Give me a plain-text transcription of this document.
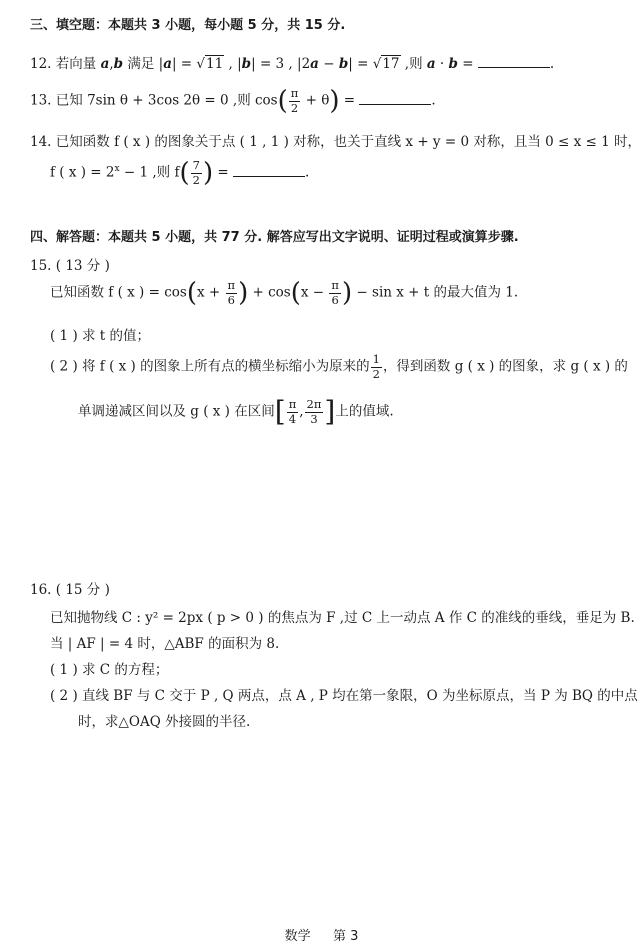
三、填空题：本题共 3 小题，每小题 5 分，共 15 分.
12. 若向量 a,b 满足 |a| = √11 , |b| = 3 , |2a − b| = √17 ,则 a · b =	.
13. 已知 7sin θ + 3cos 2θ = 0 ,则 $\cos( \frac{\pi}{2} + \theta)$ =	.
14. 已知函数 f ( x ) 的图象关于点 ( 1 , 1 ) 对称，也关于直线 x + y = 0 对称，且当 0 ≤ x ≤ 1 时，
f ( x ) = $2^x - 1$ ,则 $f( \frac{7}{2}$ ) =	.
四、解答题：本题共 5 小题，共 77 分. 解答应写出文字说明、证明过程或演算步骤.
15. ( 13 分 )
已知函数 f ( x ) = $\cos(x + \frac{\pi}{6}$ ) + $\cos(x - \frac{\pi}{6}$ ) − sin x + t 的最大值为 1.
( 1 ) 求 t 的值；
( 2 ) 将 f ( x ) 的图象上所有点的横坐标缩小为原来的 $\frac{1}{2}$ ，得到函数 g ( x ) 的图象，求 g ( x ) 的
单调递减区间以及 g ( x ) 在区间[ $\frac{\pi}{4}$ , $\frac{2\pi}{3}$ ]上的值域.
16. ( 15 分 )
已知抛物线 C : y² = 2px ( p > 0 ) 的焦点为 F ,过 C 上一动点 A 作 C 的准线的垂线，垂足为 B.
当 | AF | = 4 时，△ABF 的面积为 8.
( 1 ) 求 C 的方程；
( 2 ) 直线 BF 与 C 交于 P , Q 两点，点 A , P 均在第一象限，O 为坐标原点，当 P 为 BQ 的中点
时，求△OAQ 外接圆的半径.
数学 第 3
